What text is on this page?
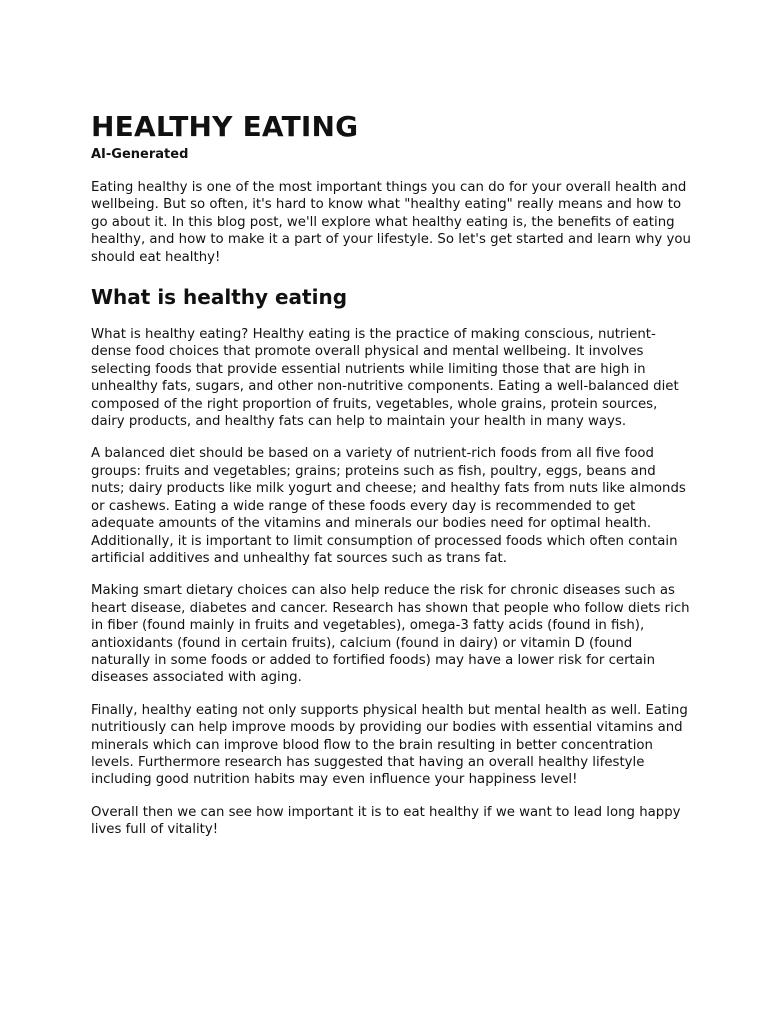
HEALTHY EATING
AI-Generated

Eating healthy is one of the most important things you can do for your overall health and wellbeing. But so often, it's hard to know what "healthy eating" really means and how to go about it. In this blog post, we'll explore what healthy eating is, the benefits of eating healthy, and how to make it a part of your lifestyle. So let's get started and learn why you should eat healthy!

What is healthy eating

What is healthy eating? Healthy eating is the practice of making conscious, nutrient-dense food choices that promote overall physical and mental wellbeing. It involves selecting foods that provide essential nutrients while limiting those that are high in unhealthy fats, sugars, and other non-nutritive components. Eating a well-balanced diet composed of the right proportion of fruits, vegetables, whole grains, protein sources, dairy products, and healthy fats can help to maintain your health in many ways.

A balanced diet should be based on a variety of nutrient-rich foods from all five food groups: fruits and vegetables; grains; proteins such as fish, poultry, eggs, beans and nuts; dairy products like milk yogurt and cheese; and healthy fats from nuts like almonds or cashews. Eating a wide range of these foods every day is recommended to get adequate amounts of the vitamins and minerals our bodies need for optimal health. Additionally, it is important to limit consumption of processed foods which often contain artificial additives and unhealthy fat sources such as trans fat.

Making smart dietary choices can also help reduce the risk for chronic diseases such as heart disease, diabetes and cancer. Research has shown that people who follow diets rich in fiber (found mainly in fruits and vegetables), omega-3 fatty acids (found in fish), antioxidants (found in certain fruits), calcium (found in dairy) or vitamin D (found naturally in some foods or added to fortified foods) may have a lower risk for certain diseases associated with aging.

Finally, healthy eating not only supports physical health but mental health as well. Eating nutritiously can help improve moods by providing our bodies with essential vitamins and minerals which can improve blood flow to the brain resulting in better concentration levels. Furthermore research has suggested that having an overall healthy lifestyle including good nutrition habits may even influence your happiness level!

Overall then we can see how important it is to eat healthy if we want to lead long happy lives full of vitality!
